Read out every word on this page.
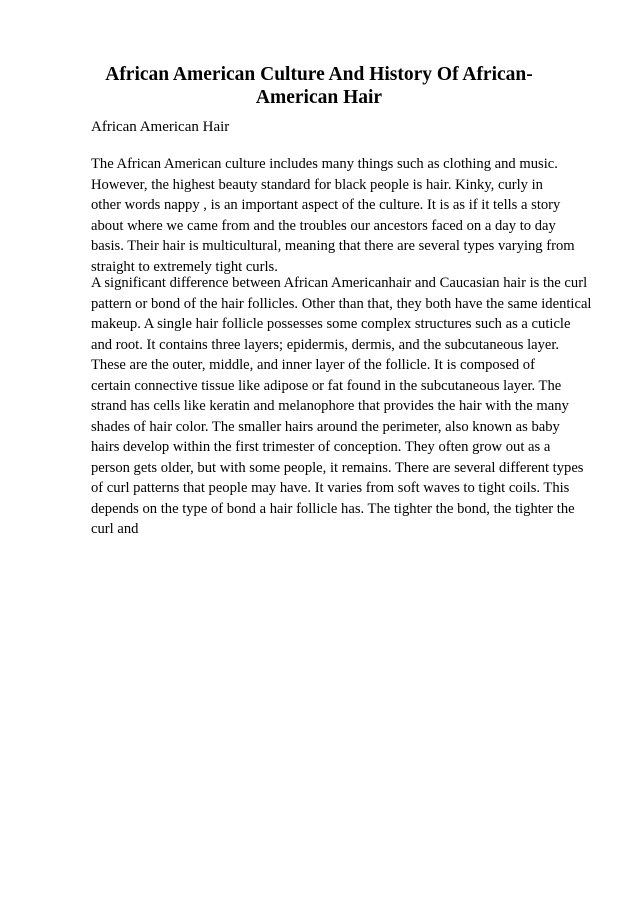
African American Culture And History Of African-
American Hair

African American Hair

The African American culture includes many things such as clothing and music.
However, the highest beauty standard for black people is hair. Kinky, curly in
other words nappy , is an important aspect of the culture. It is as if it tells a story
about where we came from and the troubles our ancestors faced on a day to day
basis. Their hair is multicultural, meaning that there are several types varying from
straight to extremely tight curls.

A significant difference between African Americanhair and Caucasian hair is the curl
pattern or bond of the hair follicles. Other than that, they both have the same identical
makeup. A single hair follicle possesses some complex structures such as a cuticle
and root. It contains three layers; epidermis, dermis, and the subcutaneous layer.
These are the outer, middle, and inner layer of the follicle. It is composed of
certain connective tissue like adipose or fat found in the subcutaneous layer. The
strand has cells like keratin and melanophore that provides the hair with the many
shades of hair color. The smaller hairs around the perimeter, also known as baby
hairs develop within the first trimester of conception. They often grow out as a
person gets older, but with some people, it remains. There are several different types
of curl patterns that people may have. It varies from soft waves to tight coils. This
depends on the type of bond a hair follicle has. The tighter the bond, the tighter the
curl and
